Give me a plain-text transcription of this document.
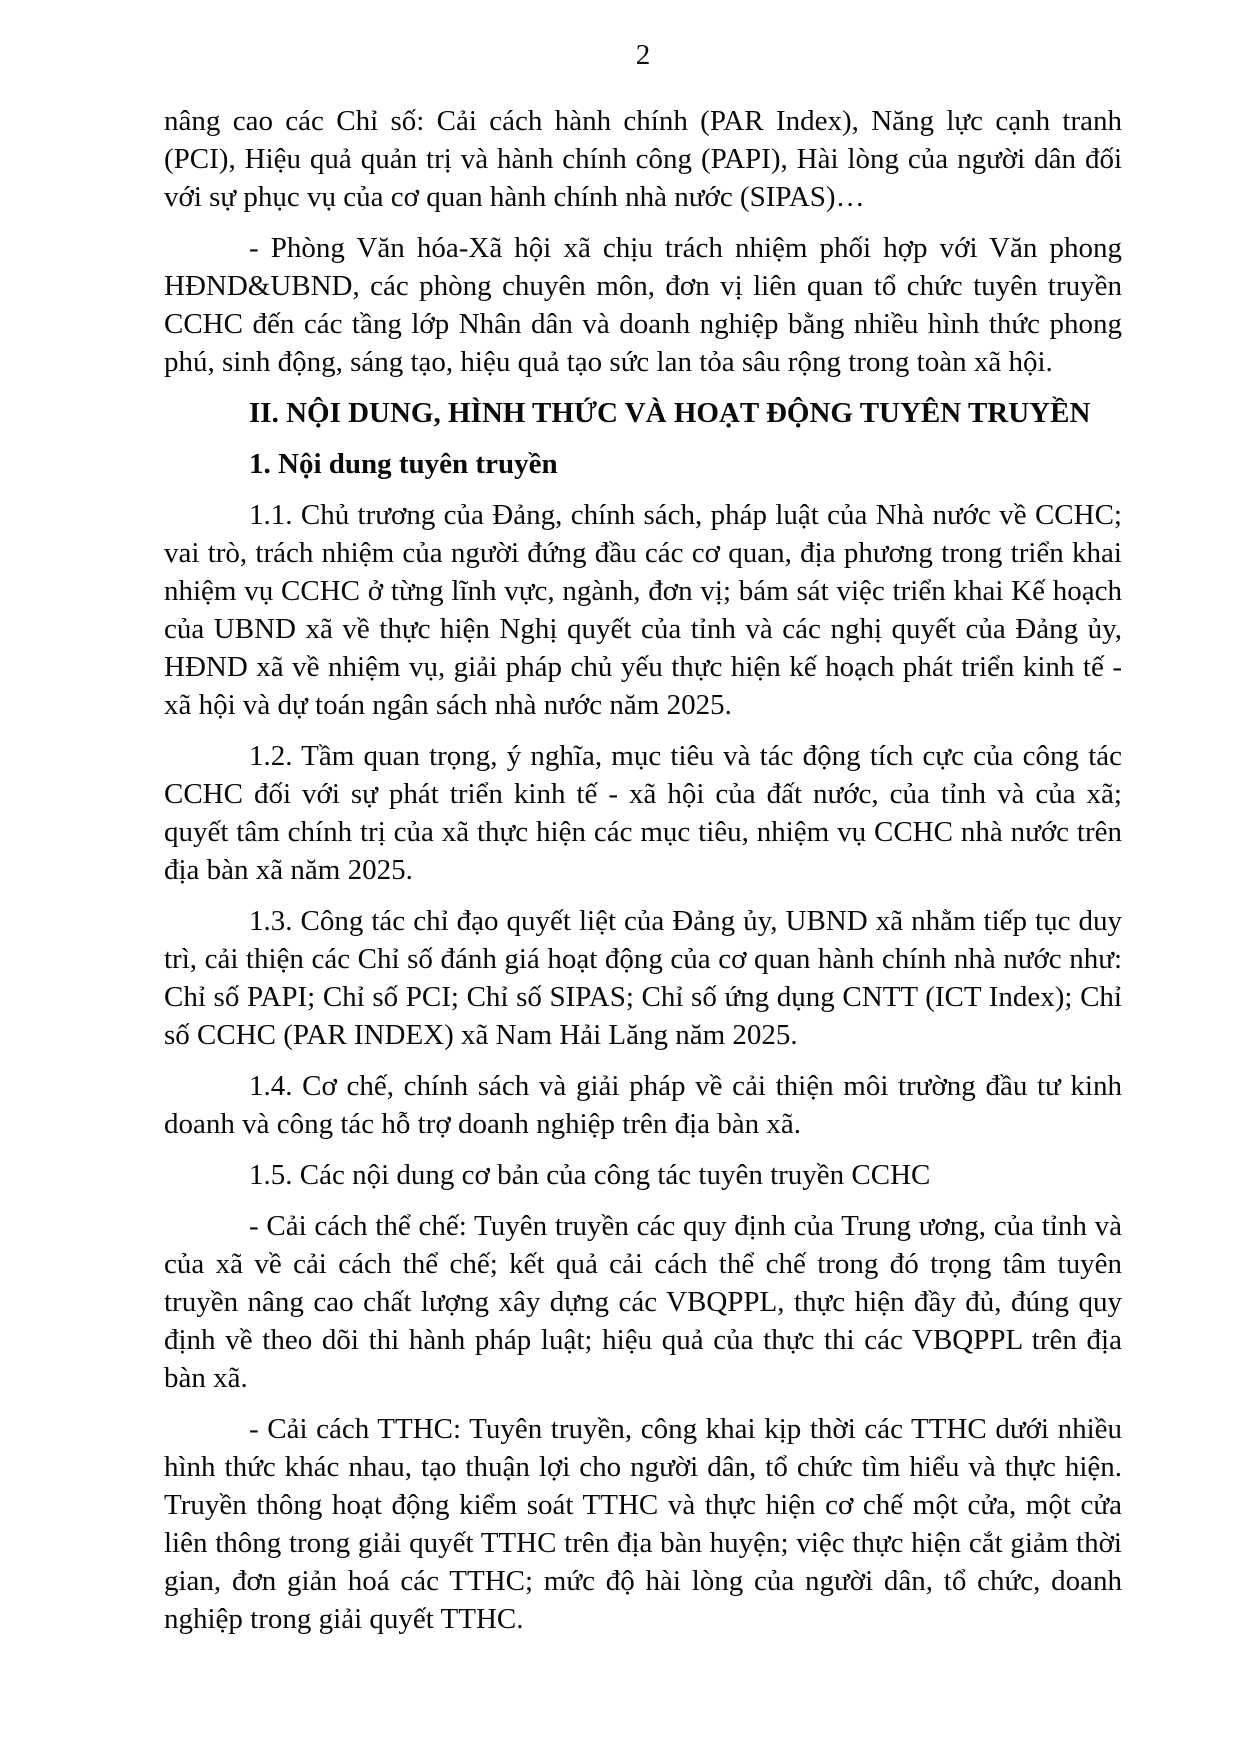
2

nâng cao các Chỉ số: Cải cách hành chính (PAR Index), Năng lực cạnh tranh (PCI), Hiệu quả quản trị và hành chính công (PAPI), Hài lòng của người dân đối với sự phục vụ của cơ quan hành chính nhà nước (SIPAS)…

- Phòng Văn hóa-Xã hội xã chịu trách nhiệm phối hợp với Văn phong HĐND&UBND, các phòng chuyên môn, đơn vị liên quan tổ chức tuyên truyền CCHC đến các tầng lớp Nhân dân và doanh nghiệp bằng nhiều hình thức phong phú, sinh động, sáng tạo, hiệu quả tạo sức lan tỏa sâu rộng trong toàn xã hội.

II. NỘI DUNG, HÌNH THỨC VÀ HOẠT ĐỘNG TUYÊN TRUYỀN

1. Nội dung tuyên truyền

1.1. Chủ trương của Đảng, chính sách, pháp luật của Nhà nước về CCHC; vai trò, trách nhiệm của người đứng đầu các cơ quan, địa phương trong triển khai nhiệm vụ CCHC ở từng lĩnh vực, ngành, đơn vị; bám sát việc triển khai Kế hoạch của UBND xã về thực hiện Nghị quyết của tỉnh và các nghị quyết của Đảng ủy, HĐND xã về nhiệm vụ, giải pháp chủ yếu thực hiện kế hoạch phát triển kinh tế - xã hội và dự toán ngân sách nhà nước năm 2025.

1.2. Tầm quan trọng, ý nghĩa, mục tiêu và tác động tích cực của công tác CCHC đối với sự phát triển kinh tế - xã hội của đất nước, của tỉnh và của xã; quyết tâm chính trị của xã thực hiện các mục tiêu, nhiệm vụ CCHC nhà nước trên địa bàn xã năm 2025.

1.3. Công tác chỉ đạo quyết liệt của Đảng ủy, UBND xã nhằm tiếp tục duy trì, cải thiện các Chỉ số đánh giá hoạt động của cơ quan hành chính nhà nước như: Chỉ số PAPI; Chỉ số PCI; Chỉ số SIPAS; Chỉ số ứng dụng CNTT (ICT Index); Chỉ số CCHC (PAR INDEX) xã Nam Hải Lăng năm 2025.

1.4. Cơ chế, chính sách và giải pháp về cải thiện môi trường đầu tư kinh doanh và công tác hỗ trợ doanh nghiệp trên địa bàn xã.

1.5. Các nội dung cơ bản của công tác tuyên truyền CCHC

- Cải cách thể chế: Tuyên truyền các quy định của Trung ương, của tỉnh và của xã về cải cách thể chế; kết quả cải cách thể chế trong đó trọng tâm tuyên truyền nâng cao chất lượng xây dựng các VBQPPL, thực hiện đầy đủ, đúng quy định về theo dõi thi hành pháp luật; hiệu quả của thực thi các VBQPPL trên địa bàn xã.

- Cải cách TTHC: Tuyên truyền, công khai kịp thời các TTHC dưới nhiều hình thức khác nhau, tạo thuận lợi cho người dân, tổ chức tìm hiểu và thực hiện. Truyền thông hoạt động kiểm soát TTHC và thực hiện cơ chế một cửa, một cửa liên thông trong giải quyết TTHC trên địa bàn huyện; việc thực hiện cắt giảm thời gian, đơn giản hoá các TTHC; mức độ hài lòng của người dân, tổ chức, doanh nghiệp trong giải quyết TTHC.
